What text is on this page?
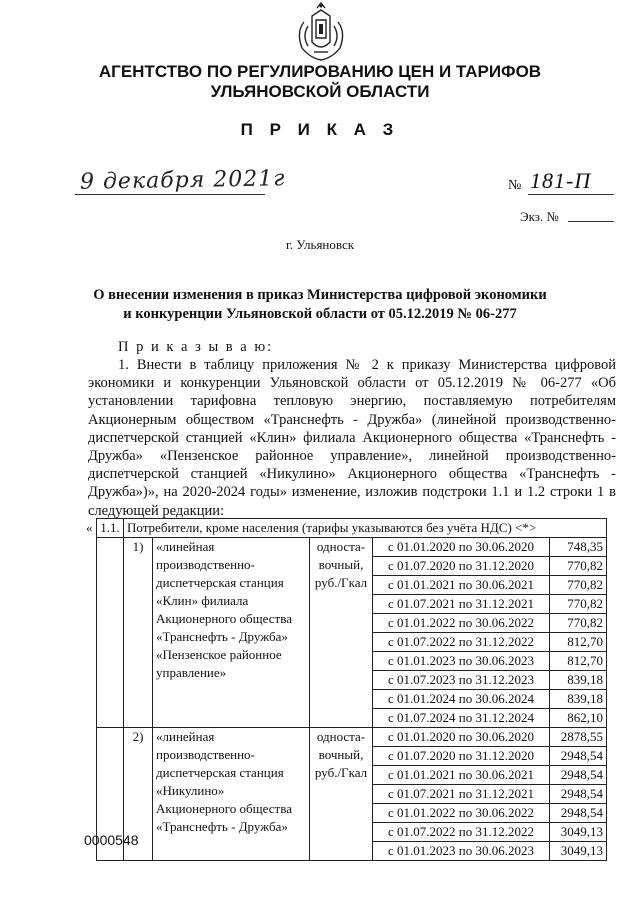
АГЕНТСТВО ПО РЕГУЛИРОВАНИЮ ЦЕН И ТАРИФОВ
УЛЬЯНОВСКОЙ ОБЛАСТИ
П Р И К А З
9 декабря 2021г	№ 181-П
Экз. №
г. Ульяновск
О внесении изменения в приказ Министерства цифровой экономики
и конкуренции Ульяновской области от 05.12.2019 № 06-277
П р и к а з ы в а ю:
1. Внести в таблицу приложения № 2 к приказу Министерства цифровой экономики и конкуренции Ульяновской области от 05.12.2019 № 06-277 «Об установлении тарифовна тепловую энергию, поставляемую потребителям Акционерным обществом «Транснефть - Дружба» (линейной производственно-диспетчерской станцией «Клин» филиала Акционерного общества «Транснефть - Дружба» «Пензенское районное управление», линейной производственно-диспетчерской станцией «Никулино» Акционерного общества «Транснефть - Дружба»)», на 2020-2024 годы» изменение, изложив подстроки 1.1 и 1.2 строки 1 в следующей редакции:
« 1.1.	Потребители, кроме населения (тарифы указываются без учёта НДС) <*>				
	1)	«линейная производственно-диспетчерская станция «Клин» филиала Акционерного общества «Транснефть - Дружба» «Пензенское районное управление»	односта-вочный, руб./Гкал	с 01.01.2020 по 30.06.2020	748,35
				с 01.07.2020 по 31.12.2020	770,82
				с 01.01.2021 по 30.06.2021	770,82
				с 01.07.2021 по 31.12.2021	770,82
				с 01.01.2022 по 30.06.2022	770,82
				с 01.07.2022 по 31.12.2022	812,70
				с 01.01.2023 по 30.06.2023	812,70
				с 01.07.2023 по 31.12.2023	839,18
				с 01.01.2024 по 30.06.2024	839,18
				с 01.07.2024 по 31.12.2024	862,10
	2)	«линейная производственно-диспетчерская станция «Никулино» Акционерного общества «Транснефть - Дружба»	односта-вочный, руб./Гкал	с 01.01.2020 по 30.06.2020	2878,55
				с 01.07.2020 по 31.12.2020	2948,54
				с 01.01.2021 по 30.06.2021	2948,54
				с 01.07.2021 по 31.12.2021	2948,54
				с 01.01.2022 по 30.06.2022	2948,54
				с 01.07.2022 по 31.12.2022	3049,13
				с 01.01.2023 по 30.06.2023	3049,13
0000548
